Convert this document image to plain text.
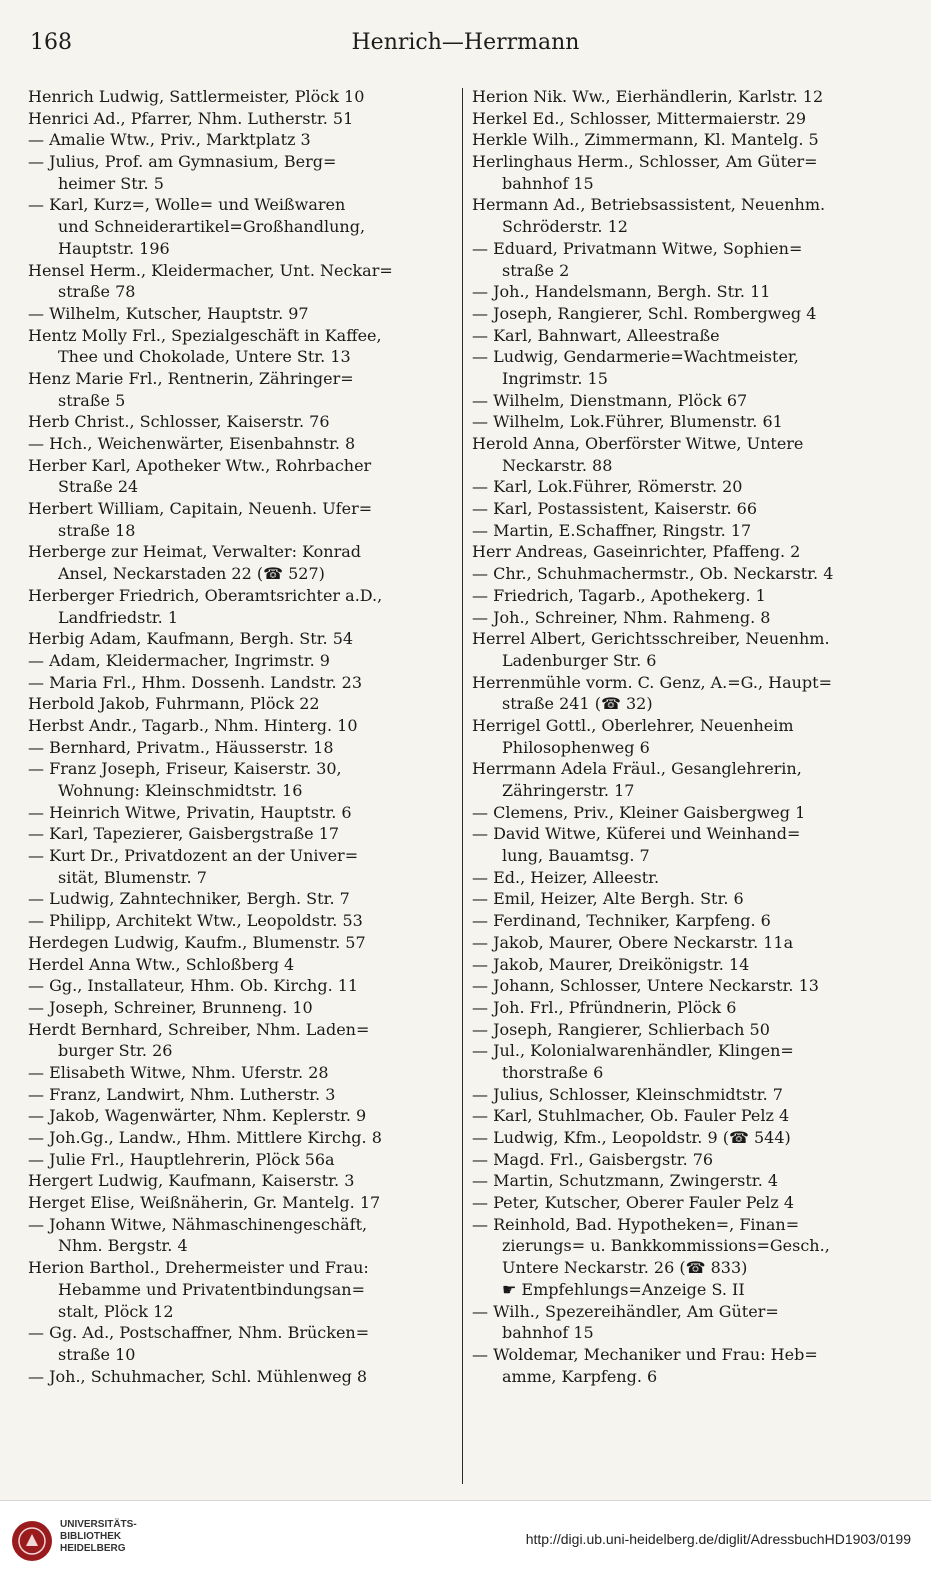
168	Henrich—Herrmann
Henrich Ludwig, Sattlermeister, Plöck 10
Henrici Ad., Pfarrer, Nhm. Lutherstr. 51
— Amalie Wtw., Priv., Marktplatz 3
— Julius, Prof. am Gymnasium, Berg=
heimer Str. 5
— Karl, Kurz=, Wolle= und Weißwaren
und Schneiderartikel=Großhandlung,
Hauptstr. 196
Hensel Herm., Kleidermacher, Unt. Neckar=
straße 78
— Wilhelm, Kutscher, Hauptstr. 97
Hentz Molly Frl., Spezialgeschäft in Kaffee,
Thee und Chokolade, Untere Str. 13
Henz Marie Frl., Rentnerin, Zähringer=
straße 5
Herb Christ., Schlosser, Kaiserstr. 76
— Hch., Weichenwärter, Eisenbahnstr. 8
Herber Karl, Apotheker Wtw., Rohrbacher
Straße 24
Herbert William, Capitain, Neuenh. Ufer=
straße 18
Herberge zur Heimat, Verwalter: Konrad
Ansel, Neckarstaden 22 (☎ 527)
Herberger Friedrich, Oberamtsrichter a.D.,
Landfriedstr. 1
Herbig Adam, Kaufmann, Bergh. Str. 54
— Adam, Kleidermacher, Ingrimstr. 9
— Maria Frl., Hhm. Dossenh. Landstr. 23
Herbold Jakob, Fuhrmann, Plöck 22
Herbst Andr., Tagarb., Nhm. Hinterg. 10
— Bernhard, Privatm., Häusserstr. 18
— Franz Joseph, Friseur, Kaiserstr. 30,
Wohnung: Kleinschmidtstr. 16
— Heinrich Witwe, Privatin, Hauptstr. 6
— Karl, Tapezierer, Gaisbergstraße 17
— Kurt Dr., Privatdozent an der Univer=
sität, Blumenstr. 7
— Ludwig, Zahntechniker, Bergh. Str. 7
— Philipp, Architekt Wtw., Leopoldstr. 53
Herdegen Ludwig, Kaufm., Blumenstr. 57
Herdel Anna Wtw., Schloßberg 4
— Gg., Installateur, Hhm. Ob. Kirchg. 11
— Joseph, Schreiner, Brunneng. 10
Herdt Bernhard, Schreiber, Nhm. Laden=
burger Str. 26
— Elisabeth Witwe, Nhm. Uferstr. 28
— Franz, Landwirt, Nhm. Lutherstr. 3
— Jakob, Wagenwärter, Nhm. Keplerstr. 9
— Joh.Gg., Landw., Hhm. Mittlere Kirchg. 8
— Julie Frl., Hauptlehrerin, Plöck 56a
Hergert Ludwig, Kaufmann, Kaiserstr. 3
Herget Elise, Weißnäherin, Gr. Mantelg. 17
— Johann Witwe, Nähmaschinengeschäft,
Nhm. Bergstr. 4
Herion Barthol., Drehermeister und Frau:
Hebamme und Privatentbindungsan=
stalt, Plöck 12
— Gg. Ad., Postschaffner, Nhm. Brücken=
straße 10
— Joh., Schuhmacher, Schl. Mühlenweg 8
Herion Nik. Ww., Eierhändlerin, Karlstr. 12
Herkel Ed., Schlosser, Mittermaierstr. 29
Herkle Wilh., Zimmermann, Kl. Mantelg. 5
Herlinghaus Herm., Schlosser, Am Güter=
bahnhof 15
Hermann Ad., Betriebsassistent, Neuenhm.
Schröderstr. 12
— Eduard, Privatmann Witwe, Sophien=
straße 2
— Joh., Handelsmann, Bergh. Str. 11
— Joseph, Rangierer, Schl. Rombergweg 4
— Karl, Bahnwart, Alleestraße
— Ludwig, Gendarmerie=Wachtmeister,
Ingrimstr. 15
— Wilhelm, Dienstmann, Plöck 67
— Wilhelm, Lok.Führer, Blumenstr. 61
Herold Anna, Oberförster Witwe, Untere
Neckarstr. 88
— Karl, Lok.Führer, Römerstr. 20
— Karl, Postassistent, Kaiserstr. 66
— Martin, E.Schaffner, Ringstr. 17
Herr Andreas, Gaseinrichter, Pfaffeng. 2
— Chr., Schuhmachermstr., Ob. Neckarstr. 4
— Friedrich, Tagarb., Apothekerg. 1
— Joh., Schreiner, Nhm. Rahmeng. 8
Herrel Albert, Gerichtsschreiber, Neuenhm.
Ladenburger Str. 6
Herrenmühle vorm. C. Genz, A.=G., Haupt=
straße 241 (☎ 32)
Herrigel Gottl., Oberlehrer, Neuenheim
Philosophenweg 6
Herrmann Adela Fräul., Gesanglehrerin,
Zähringerstr. 17
— Clemens, Priv., Kleiner Gaisbergweg 1
— David Witwe, Küferei und Weinhand=
lung, Bauamtsg. 7
— Ed., Heizer, Alleestr.
— Emil, Heizer, Alte Bergh. Str. 6
— Ferdinand, Techniker, Karpfeng. 6
— Jakob, Maurer, Obere Neckarstr. 11a
— Jakob, Maurer, Dreikönigstr. 14
— Johann, Schlosser, Untere Neckarstr. 13
— Joh. Frl., Pfründnerin, Plöck 6
— Joseph, Rangierer, Schlierbach 50
— Jul., Kolonialwarenhändler, Klingen=
thorstraße 6
— Julius, Schlosser, Kleinschmidtstr. 7
— Karl, Stuhlmacher, Ob. Fauler Pelz 4
— Ludwig, Kfm., Leopoldstr. 9 (☎ 544)
— Magd. Frl., Gaisbergstr. 76
— Martin, Schutzmann, Zwingerstr. 4
— Peter, Kutscher, Oberer Fauler Pelz 4
— Reinhold, Bad. Hypotheken=, Finan=
zierungs= u. Bankkommissions=Gesch.,
Untere Neckarstr. 26 (☎ 833)
☛ Empfehlungs=Anzeige S. II
— Wilh., Spezereihändler, Am Güter=
bahnhof 15
— Woldemar, Mechaniker und Frau: Heb=
amme, Karpfeng. 6
UNIVERSITÄTS-
BIBLIOTHEK
HEIDELBERG
http://digi.ub.uni-heidelberg.de/diglit/AdressbuchHD1903/0199
